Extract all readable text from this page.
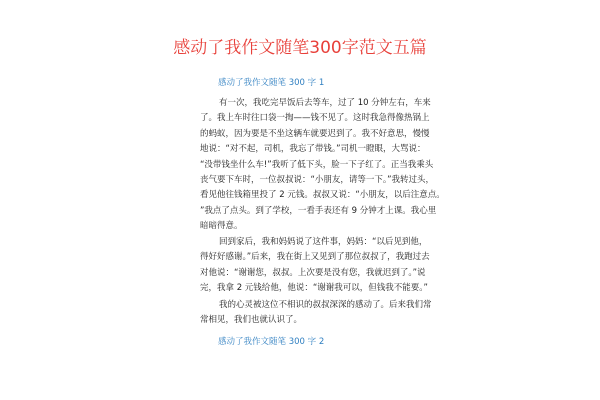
感动了我作文随笔300字范文五篇
感动了我作文随笔 300 字 1
有一次，我吃完早饭后去等车，过了 10 分钟左右，车来
了。我上车时往口袋一掏——钱不见了。这时我急得像热锅上
的蚂蚁，因为要是不坐这辆车就要迟到了。我不好意思，慢慢
地说：“对不起，司机，我忘了带钱。”司机一瞪眼，大骂说：
“没带钱坐什么车!”我听了低下头，脸一下子红了。正当我乘头
丧气要下车时，一位叔叔说：“小朋友，请等一下。”我转过头，
看见他往钱箱里投了 2 元钱。叔叔又说：“小朋友，以后注意点。
”我点了点头。到了学校，一看手表还有 9 分钟才上课。我心里
暗暗得意。
回到家后，我和妈妈说了这件事，妈妈：“以后见到他，
得好好感谢。”后来，我在街上又见到了那位叔叔了，我跑过去
对他说：“谢谢您，叔叔。上次要是没有您，我就迟到了。”说
完，我拿 2 元钱给他，他说：“谢谢我可以，但钱我不能要。”
我的心灵被这位不相识的叔叔深深的感动了。后来我们常
常相见，我们也就认识了。
感动了我作文随笔 300 字 2
